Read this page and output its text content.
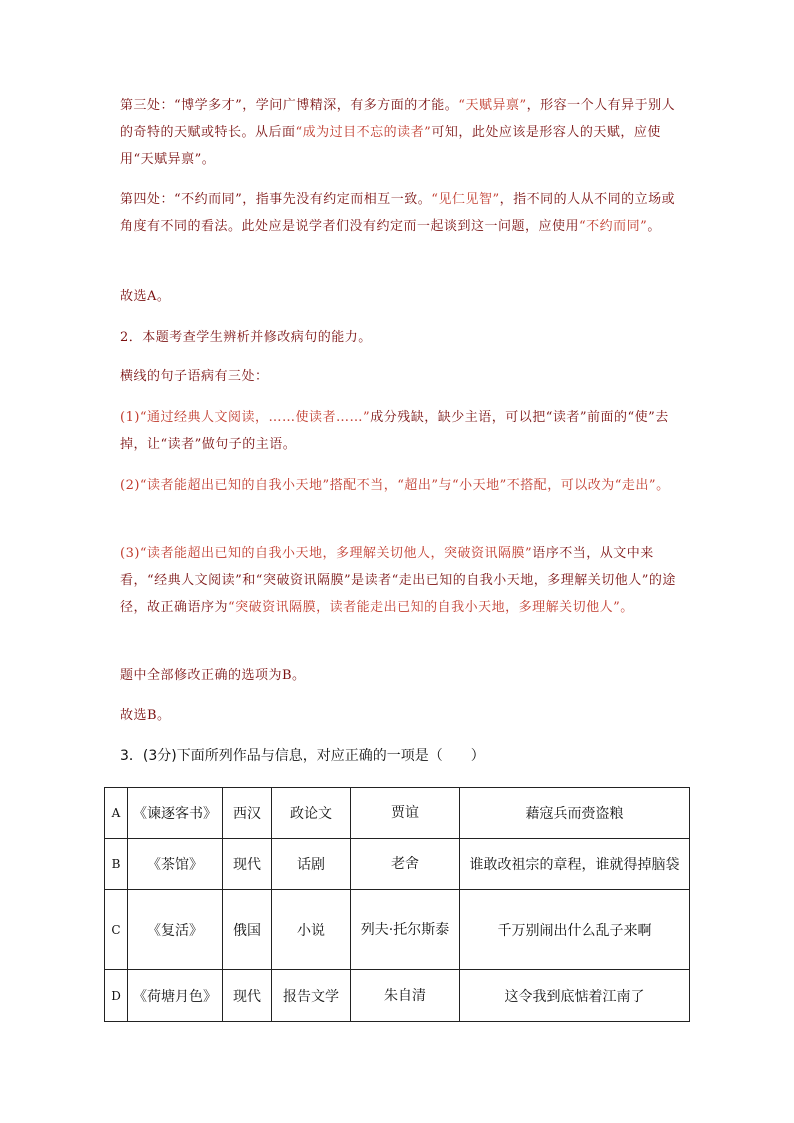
第三处：“博学多才”，学问广博精深，有多方面的才能。“天赋异禀”，形容一个人有异于别人的奇特的天赋或特长。从后面“成为过目不忘的读者”可知，此处应该是形容人的天赋，应使用“天赋异禀”。
第四处：“不约而同”，指事先没有约定而相互一致。“见仁见智”，指不同的人从不同的立场或角度有不同的看法。此处应是说学者们没有约定而一起谈到这一问题，应使用“不约而同”。
故选A。
2．本题考查学生辨析并修改病句的能力。
横线的句子语病有三处：
(1)“通过经典人文阅读，……使读者……”成分残缺，缺少主语，可以把“读者”前面的“使”去掉，让“读者”做句子的主语。
(2)“读者能超出已知的自我小天地”搭配不当，“超出”与“小天地”不搭配，可以改为“走出”。
(3)“读者能超出已知的自我小天地，多理解关切他人，突破资讯隔膜”语序不当，从文中来看，“经典人文阅读”和“突破资讯隔膜”是读者“走出已知的自我小天地，多理解关切他人”的途径，故正确语序为“突破资讯隔膜，读者能走出已知的自我小天地，多理解关切他人”。
题中全部修改正确的选项为B。
故选B。
3．(3分)下面所列作品与信息，对应正确的一项是（　　）
A	《谏逐客书》	西汉	政论文	贾谊	藉寇兵而赍盗粮
B	《茶馆》	现代	话剧	老舍	谁敢改祖宗的章程，谁就得掉脑袋
C	《复活》	俄国	小说	列夫·托尔斯泰	千万别闹出什么乱子来啊
D	《荷塘月色》	现代	报告文学	朱自清	这令我到底惦着江南了
